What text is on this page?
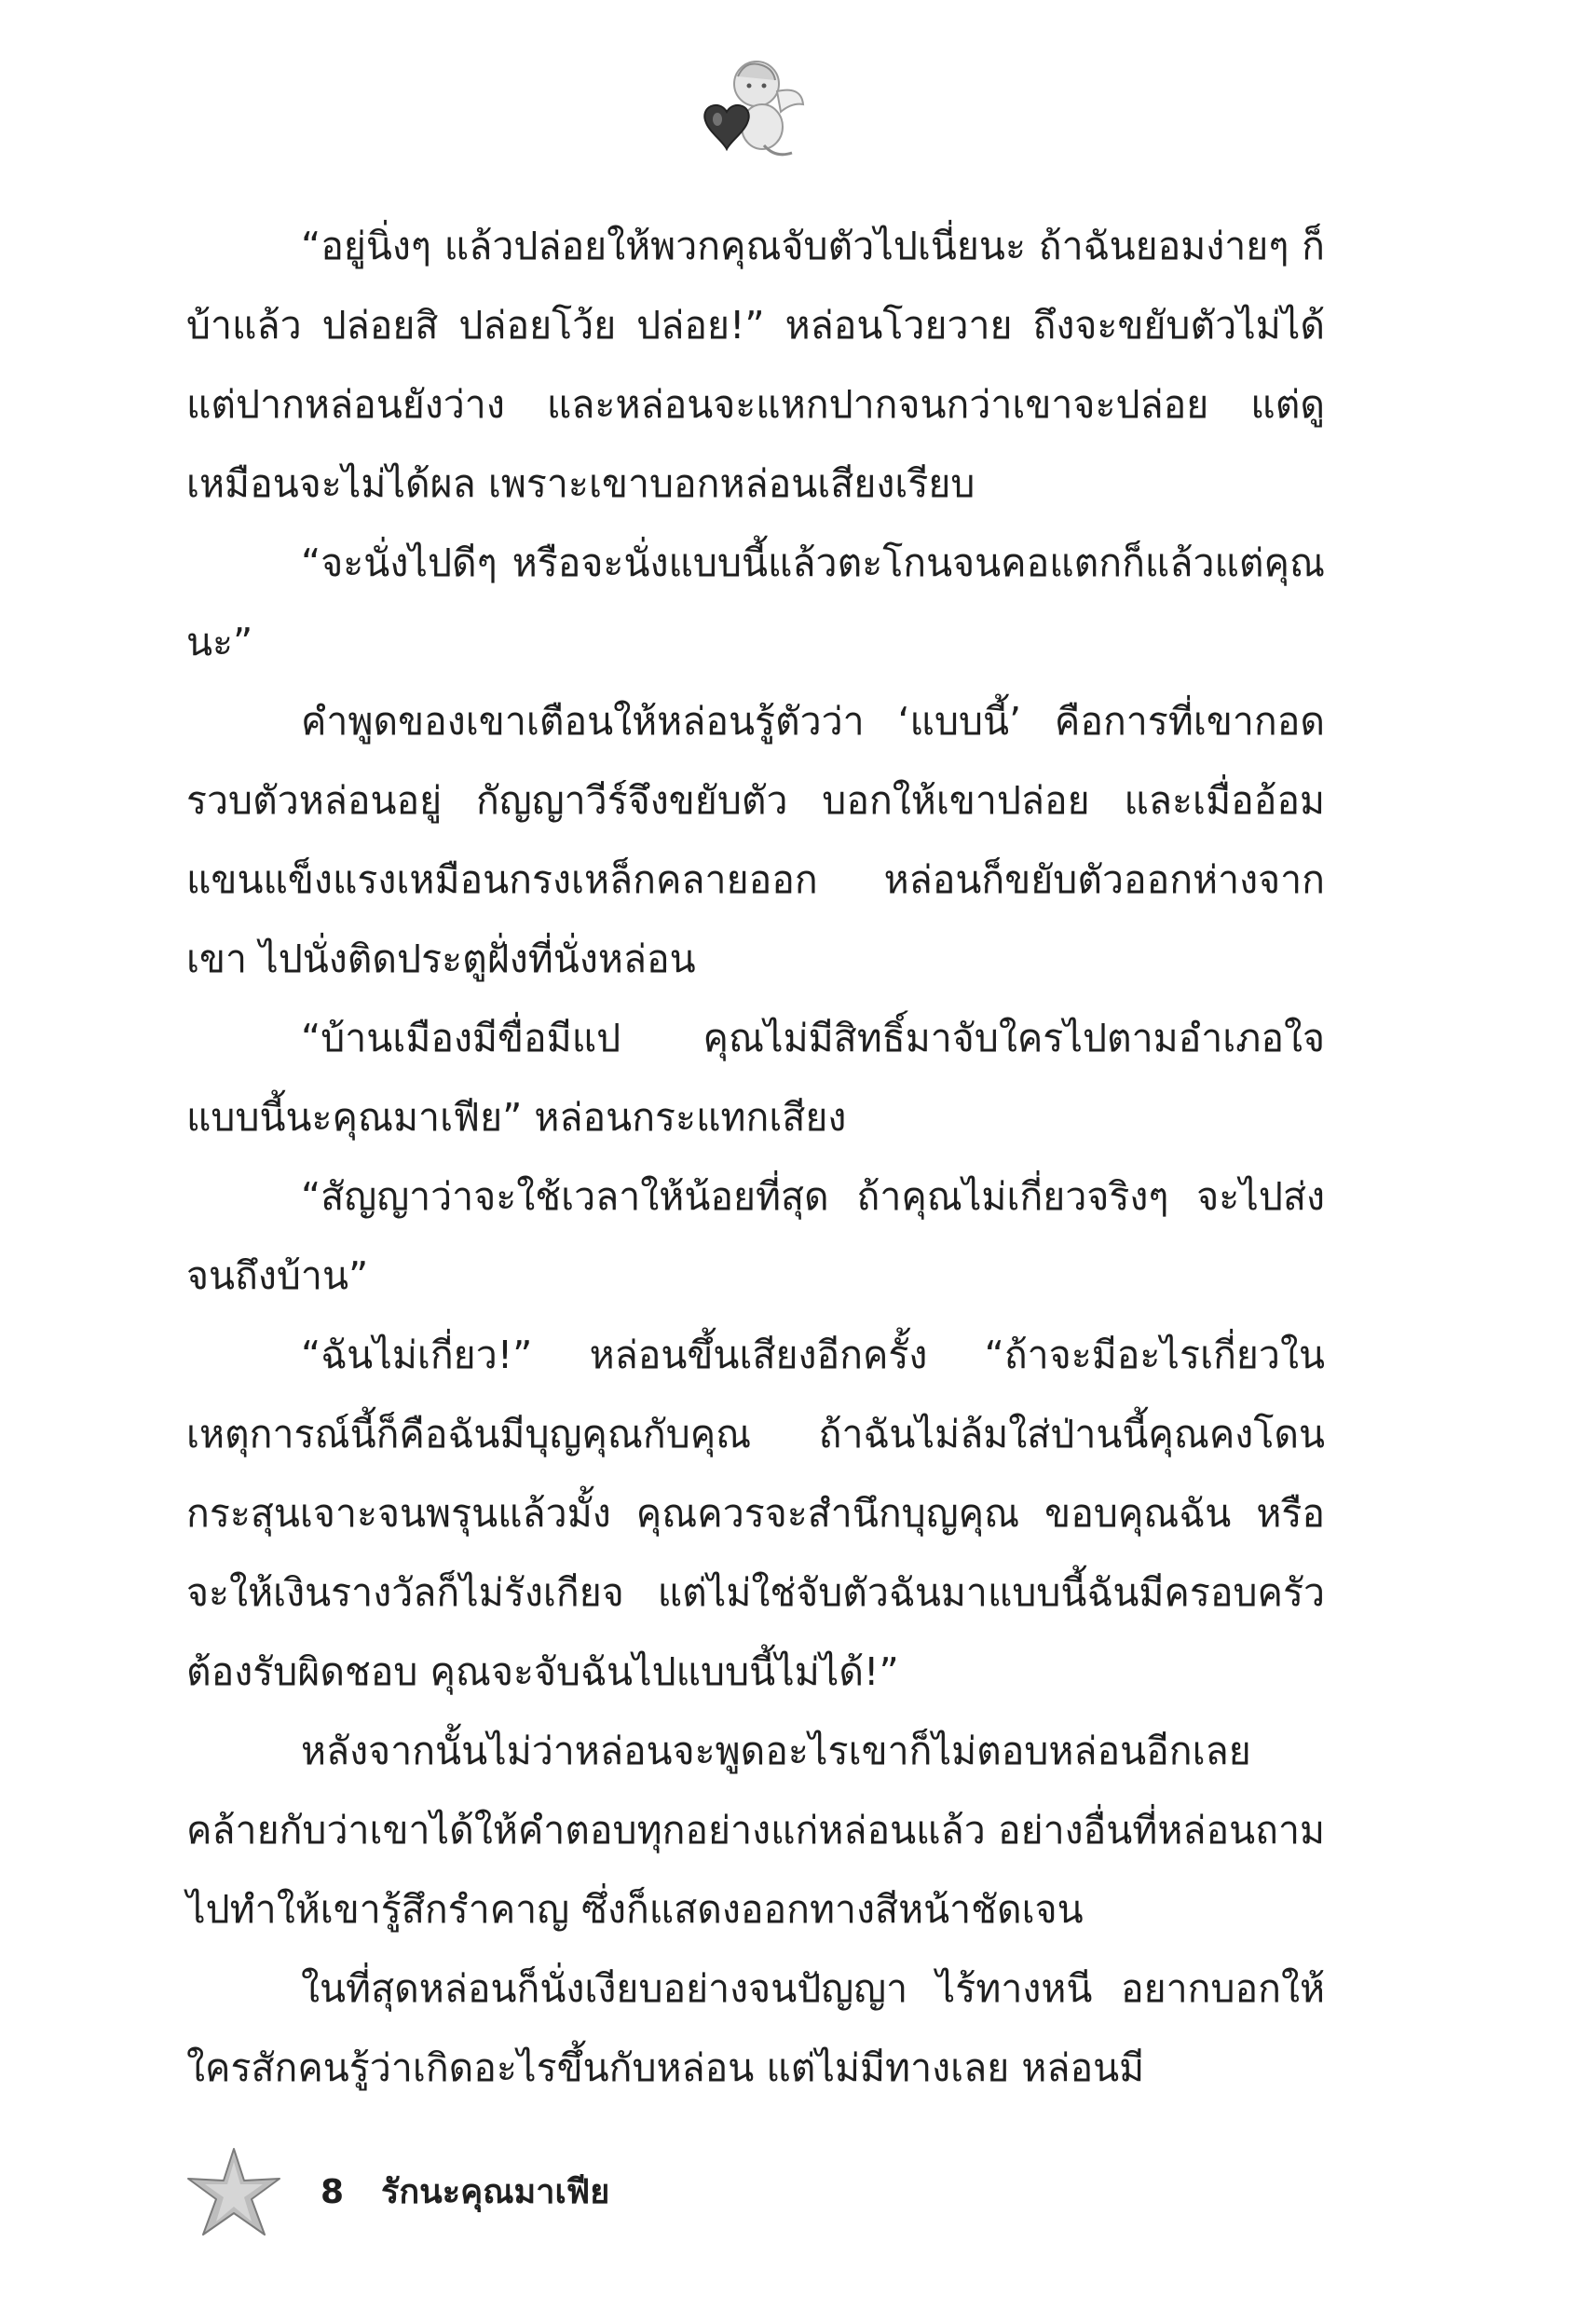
“อยู่นิ่งๆ แล้วปล่อยให้พวกคุณจับตัวไปเนี่ยนะ ถ้าฉันยอมง่ายๆ ก็บ้าแล้ว ปล่อยสิ ปล่อยโว้ย ปล่อย!” หล่อนโวยวาย ถึงจะขยับตัวไม่ได้ แต่ปากหล่อนยังว่าง และหล่อนจะแหกปากจนกว่าเขาจะปล่อย แต่ดูเหมือนจะไม่ได้ผล เพราะเขาบอกหล่อนเสียงเรียบ

“จะนั่งไปดีๆ หรือจะนั่งแบบนี้แล้วตะโกนจนคอแตกก็แล้วแต่คุณนะ”

คำพูดของเขาเตือนให้หล่อนรู้ตัวว่า ‘แบบนี้’ คือการที่เขากอดรวบตัวหล่อนอยู่ กัญญาวีร์จึงขยับตัว บอกให้เขาปล่อย และเมื่ออ้อมแขนแข็งแรงเหมือนกรงเหล็กคลายออก หล่อนก็ขยับตัวออกห่างจากเขา ไปนั่งติดประตูฝั่งที่นั่งหล่อน

“บ้านเมืองมีขื่อมีแป คุณไม่มีสิทธิ์มาจับใครไปตามอำเภอใจแบบนี้นะคุณมาเฟีย” หล่อนกระแทกเสียง

“สัญญาว่าจะใช้เวลาให้น้อยที่สุด ถ้าคุณไม่เกี่ยวจริงๆ จะไปส่งจนถึงบ้าน”

“ฉันไม่เกี่ยว!” หล่อนขึ้นเสียงอีกครั้ง “ถ้าจะมีอะไรเกี่ยวในเหตุการณ์นี้ก็คือฉันมีบุญคุณกับคุณ ถ้าฉันไม่ล้มใส่ป่านนี้คุณคงโดนกระสุนเจาะจนพรุนแล้วมั้ง คุณควรจะสำนึกบุญคุณ ขอบคุณฉัน หรือจะให้เงินรางวัลก็ไม่รังเกียจ แต่ไม่ใช่จับตัวฉันมาแบบนี้ฉันมีครอบครัวต้องรับผิดชอบ คุณจะจับฉันไปแบบนี้ไม่ได้!”

หลังจากนั้นไม่ว่าหล่อนจะพูดอะไรเขาก็ไม่ตอบหล่อนอีกเลยคล้ายกับว่าเขาได้ให้คำตอบทุกอย่างแก่หล่อนแล้ว อย่างอื่นที่หล่อนถามไปทำให้เขารู้สึกรำคาญ ซึ่งก็แสดงออกทางสีหน้าชัดเจน

ในที่สุดหล่อนก็นั่งเงียบอย่างจนปัญญา ไร้ทางหนี อยากบอกให้ใครสักคนรู้ว่าเกิดอะไรขึ้นกับหล่อน แต่ไม่มีทางเลย หล่อนมี

8 รักนะคุณมาเฟีย
